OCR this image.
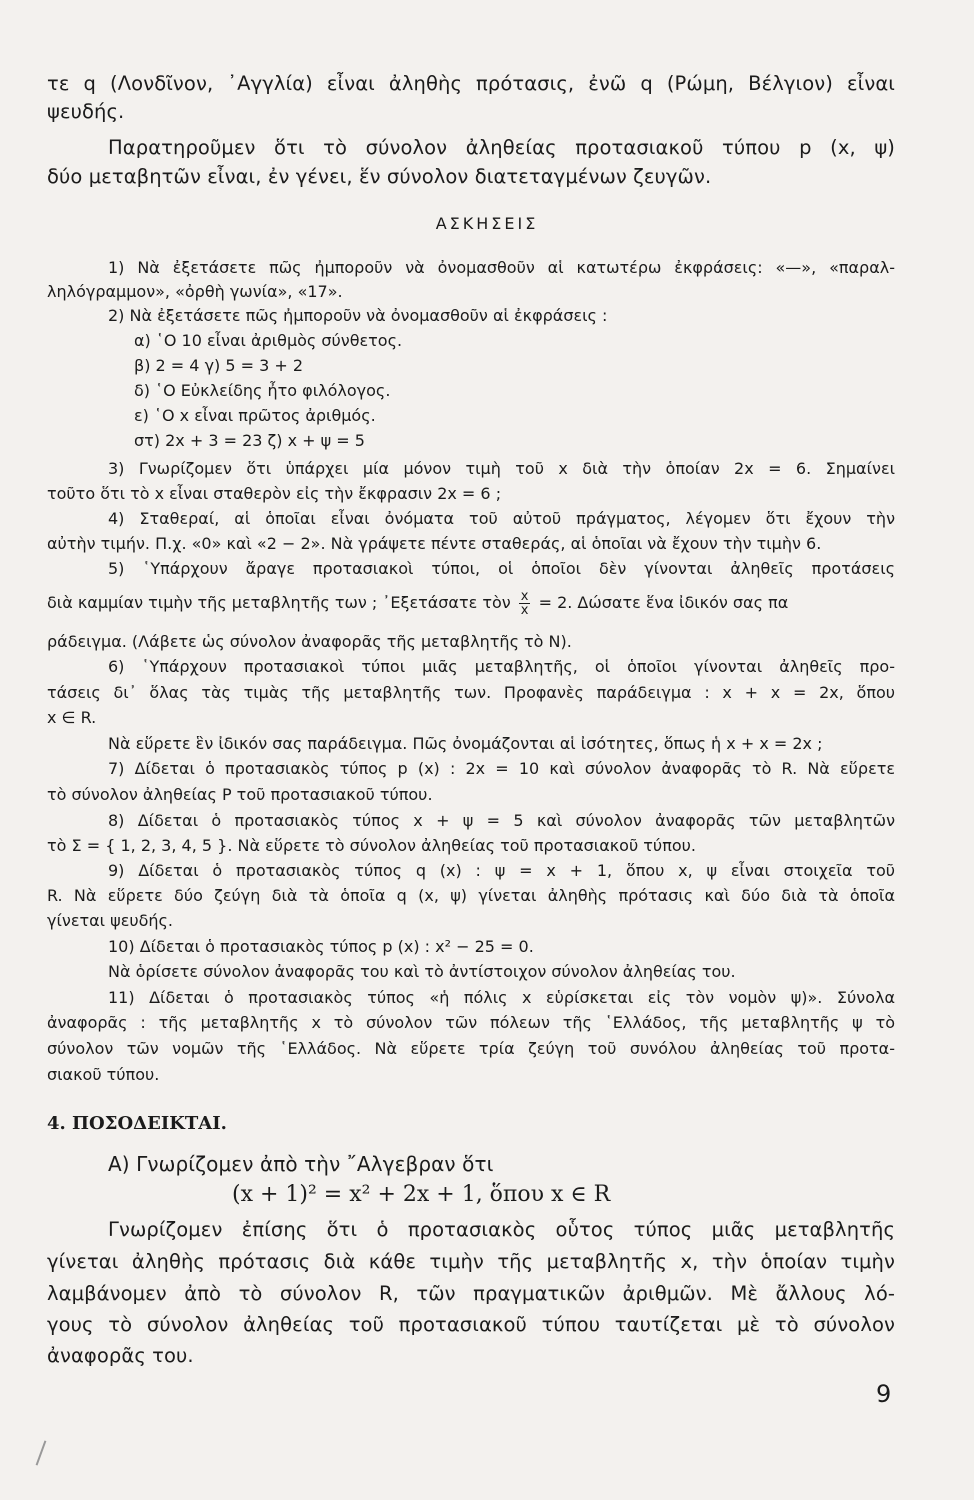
τε q (Λονδῖνον, ᾿Αγγλία) εἶναι ἀληθὴς πρότασις, ἐνῶ q (Ρώμη, Βέλγιον) εἶναι

ψευδής.

Παρατηροῦμεν ὅτι τὸ σύνολον ἀληθείας προτασιακοῦ τύπου p (x, ψ)

δύο μεταβητῶν εἶναι, ἐν γένει, ἕν σύνολον διατεταγμένων ζευγῶν.

ΑΣΚΗΣΕΙΣ

1) Νὰ ἐξετάσετε πῶς ἠμποροῦν νὰ ὀνομασθοῦν αἱ κατωτέρω ἐκφράσεις: «—», «παραλ-

ληλόγραμμον», «ὀρθὴ γωνία», «17».

2) Νὰ ἐξετάσετε πῶς ἠμποροῦν νὰ ὀνομασθοῦν αἱ ἐκφράσεις :

α) ῾Ο 10 εἶναι ἀριθμὸς σύνθετος.

β) 2 = 4 γ) 5 = 3 + 2

δ) ῾Ο Εὐκλείδης ἦτο φιλόλογος.

ε) ῾Ο x εἶναι πρῶτος ἀριθμός.

στ) 2x + 3 = 23 ζ) x + ψ = 5

3) Γνωρίζομεν ὅτι ὑπάρχει μία μόνον τιμὴ τοῦ x διὰ τὴν ὁποίαν 2x = 6. Σημαίνει

τοῦτο ὅτι τὸ x εἶναι σταθερὸν εἰς τὴν ἔκφρασιν 2x = 6 ;

4) Σταθεραί, αἱ ὁποῖαι εἶναι ὀνόματα τοῦ αὐτοῦ πράγματος, λέγομεν ὅτι ἔχουν τὴν

αὐτὴν τιμήν. Π.χ. «0» καὶ «2 − 2». Νὰ γράψετε πέντε σταθεράς, αἱ ὁποῖαι νὰ ἔχουν τὴν τιμὴν 6.

5) ῾Υπάρχουν ἄραγε προτασιακοὶ τύποι, οἱ ὁποῖοι δὲν γίνονται ἀληθεῖς προτάσεις

διὰ καμμίαν τιμὴν τῆς μεταβλητῆς των ; ᾿Εξετάσατε τὸν $\frac{x}{x} = 2$. Δώσατε ἕνα ἰδικόν σας πα

ράδειγμα. (Λάβετε ὡς σύνολον ἀναφορᾶς τῆς μεταβλητῆς τὸ N).

6) ῾Υπάρχουν προτασιακοὶ τύποι μιᾶς μεταβλητῆς, οἱ ὁποῖοι γίνονται ἀληθεῖς προ-

τάσεις δι᾿ ὅλας τὰς τιμὰς τῆς μεταβλητῆς των. Προφανὲς παράδειγμα : x + x = 2x, ὅπου

x ∈ R.

Νὰ εὕρετε ἓν ἰδικόν σας παράδειγμα. Πῶς ὀνομάζονται αἱ ἰσότητες, ὅπως ἡ x + x = 2x ;

7) Δίδεται ὁ προτασιακὸς τύπος p (x) : 2x = 10 καὶ σύνολον ἀναφορᾶς τὸ R. Νὰ εὕρετε

τὸ σύνολον ἀληθείας P τοῦ προτασιακοῦ τύπου.

8) Δίδεται ὁ προτασιακὸς τύπος x + ψ = 5 καὶ σύνολον ἀναφορᾶς τῶν μεταβλητῶν

τὸ Σ = { 1, 2, 3, 4, 5 }. Νὰ εὕρετε τὸ σύνολον ἀληθείας τοῦ προτασιακοῦ τύπου.

9) Δίδεται ὁ προτασιακὸς τύπος q (x) : ψ = x + 1, ὅπου x, ψ εἶναι στοιχεῖα τοῦ

R. Νὰ εὕρετε δύο ζεύγη διὰ τὰ ὁποῖα q (x, ψ) γίνεται ἀληθὴς πρότασις καὶ δύο διὰ τὰ ὁποῖα

γίνεται ψευδής.

10) Δίδεται ὁ προτασιακὸς τύπος p (x) : x² − 25 = 0.

Νὰ ὁρίσετε σύνολον ἀναφορᾶς του καὶ τὸ ἀντίστοιχον σύνολον ἀληθείας του.

11) Δίδεται ὁ προτασιακὸς τύπος «ἡ πόλις x εὑρίσκεται εἰς τὸν νομὸν ψ)». Σύνολα

ἀναφορᾶς : τῆς μεταβλητῆς x τὸ σύνολον τῶν πόλεων τῆς ῾Ελλάδος, τῆς μεταβλητῆς ψ τὸ

σύνολον τῶν νομῶν τῆς ῾Ελλάδος. Νὰ εὕρετε τρία ζεύγη τοῦ συνόλου ἀληθείας τοῦ προτα-

σιακοῦ τύπου.

4. ΠΟΣΟΔΕΙΚΤΑΙ.

Α) Γνωρίζομεν ἀπὸ τὴν ῎Αλγεβραν ὅτι

(x + 1)² = x² + 2x + 1, ὅπου x ∈ R

Γνωρίζομεν ἐπίσης ὅτι ὁ προτασιακὸς οὗτος τύπος μιᾶς μεταβλητῆς

γίνεται ἀληθὴς πρότασις διὰ κάθε τιμὴν τῆς μεταβλητῆς x, τὴν ὁποίαν τιμὴν

λαμβάνομεν ἀπὸ τὸ σύνολον R, τῶν πραγματικῶν ἀριθμῶν. Μὲ ἄλλους λό-

γους τὸ σύνολον ἀληθείας τοῦ προτασιακοῦ τύπου ταυτίζεται μὲ τὸ σύνολον

ἀναφορᾶς του.

9
